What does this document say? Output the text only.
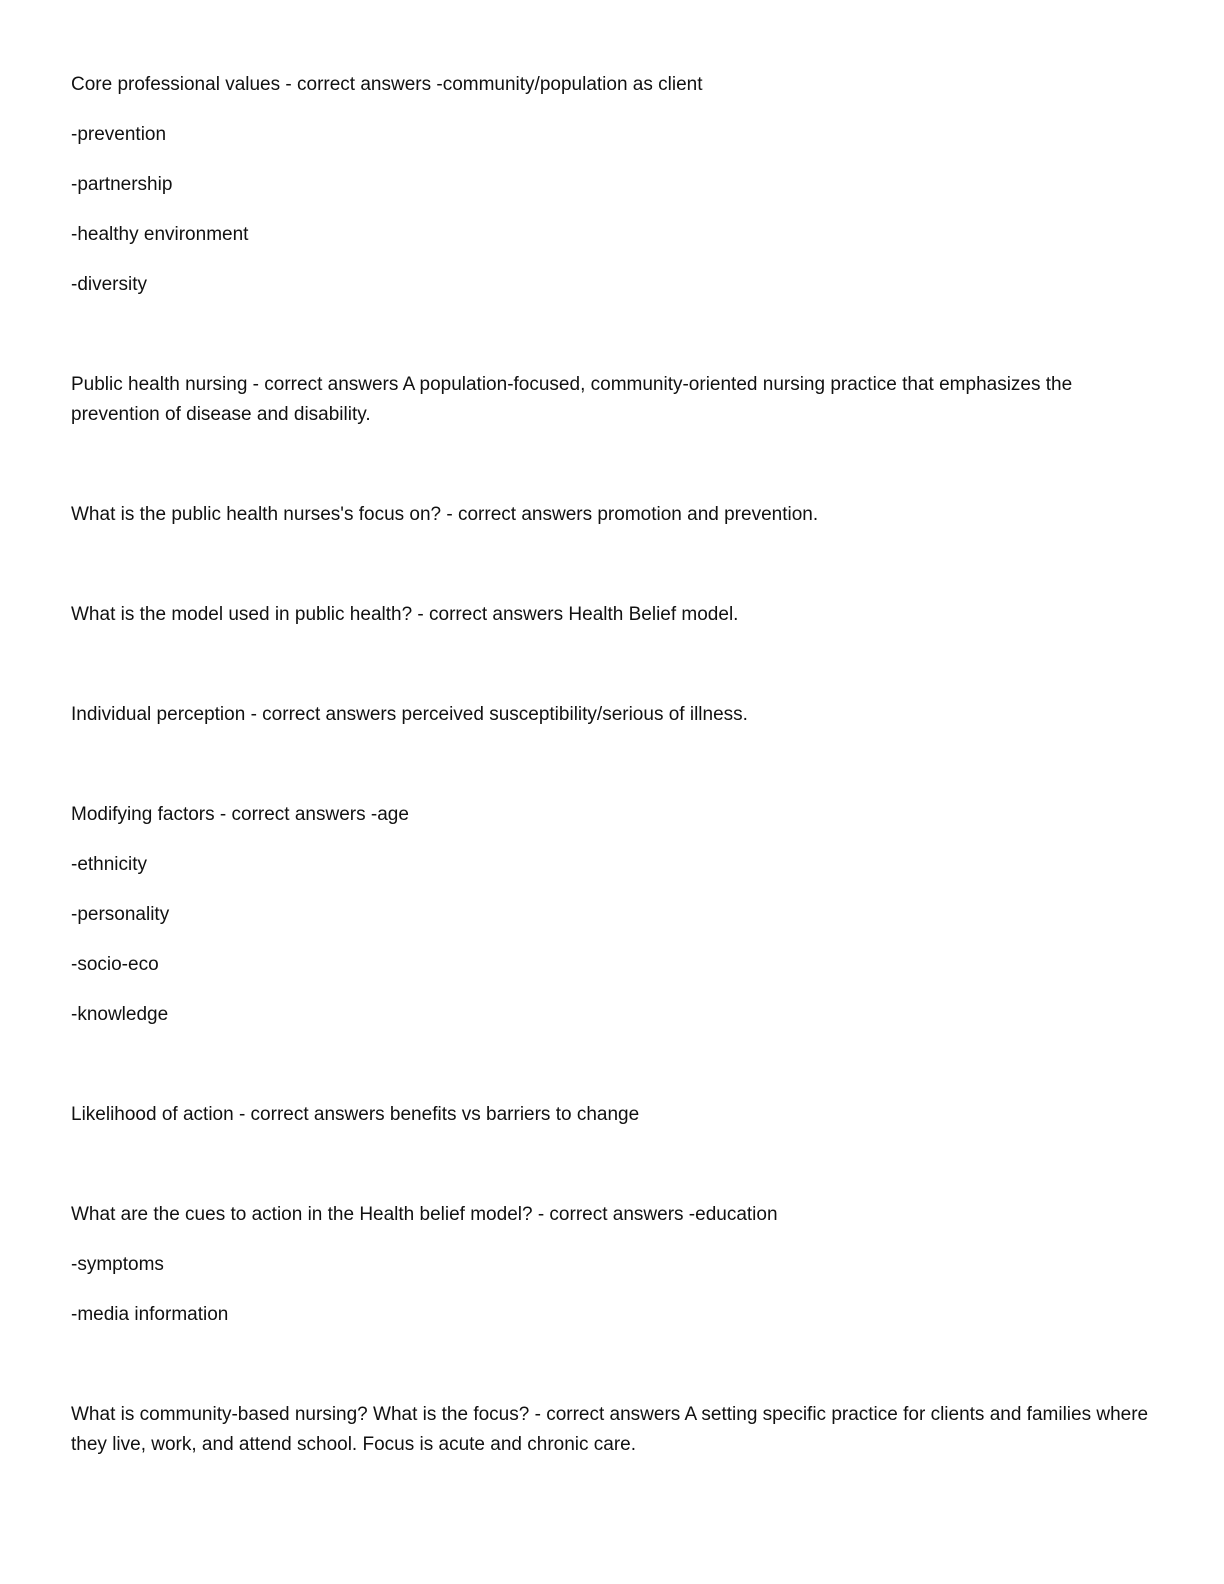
Core professional values - correct answers -community/population as client

-prevention

-partnership

-healthy environment

-diversity

Public health nursing - correct answers A population-focused, community-oriented nursing practice that emphasizes the prevention of disease and disability.

What is the public health nurses's focus on? - correct answers promotion and prevention.

What is the model used in public health? - correct answers Health Belief model.

Individual perception - correct answers perceived susceptibility/serious of illness.

Modifying factors - correct answers -age

-ethnicity

-personality

-socio-eco

-knowledge

Likelihood of action - correct answers benefits vs barriers to change

What are the cues to action in the Health belief model? - correct answers -education

-symptoms

-media information

What is community-based nursing? What is the focus? - correct answers A setting specific practice for clients and families where they live, work, and attend school. Focus is acute and chronic care.
